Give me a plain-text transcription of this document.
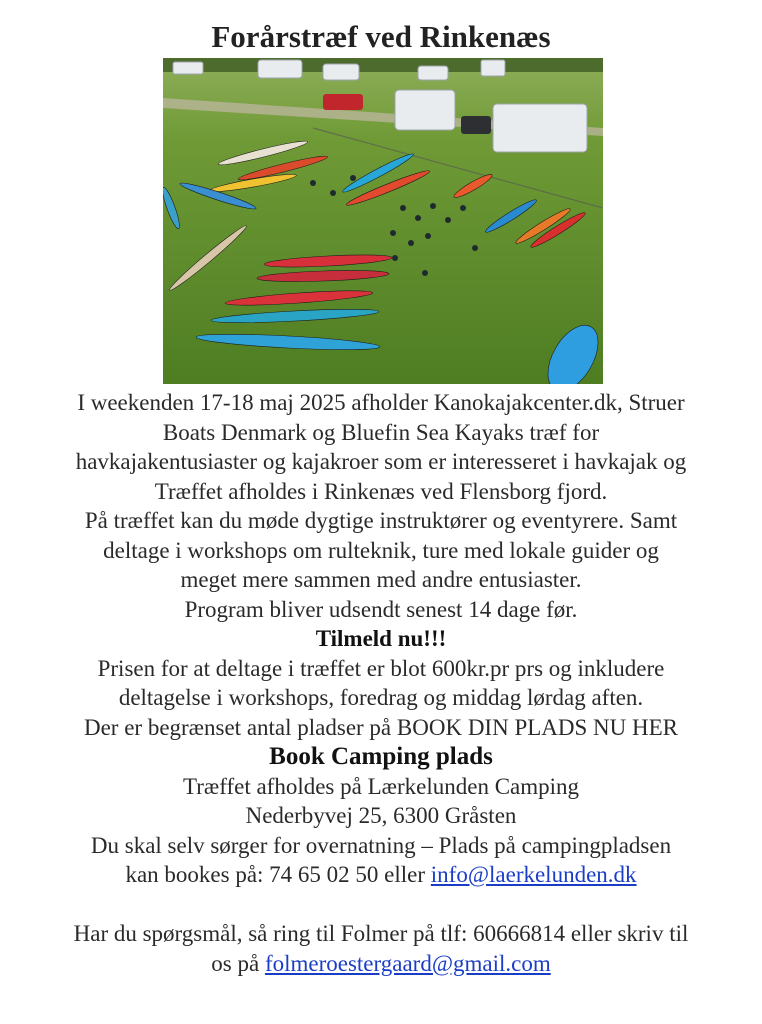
Forårstræf ved Rinkenæs

I weekenden 17-18 maj 2025 afholder Kanokajakcenter.dk, Struer

Boats Denmark og Bluefin Sea Kayaks træf for

havkajakentusiaster og kajakroer som er interesseret i havkajak og

Træffet afholdes i Rinkenæs ved Flensborg fjord.

På træffet kan du møde dygtige instruktører og eventyrere. Samt

deltage i workshops om rulteknik, ture med lokale guider og

meget mere sammen med andre entusiaster.

Program bliver udsendt senest 14 dage før.

Tilmeld nu!!!

Prisen for at deltage i træffet er blot 600kr.pr prs og inkludere

deltagelse i workshops, foredrag og middag lørdag aften.

Der er begrænset antal pladser på BOOK DIN PLADS NU HER

Book Camping plads

Træffet afholdes på Lærkelunden Camping

Nederbyvej 25, 6300 Gråsten

Du skal selv sørger for overnatning – Plads på campingpladsen

kan bookes på: 74 65 02 50 eller info@laerkelunden.dk

Har du spørgsmål, så ring til Folmer på tlf: 60666814 eller skriv til

os på folmeroestergaard@gmail.com
